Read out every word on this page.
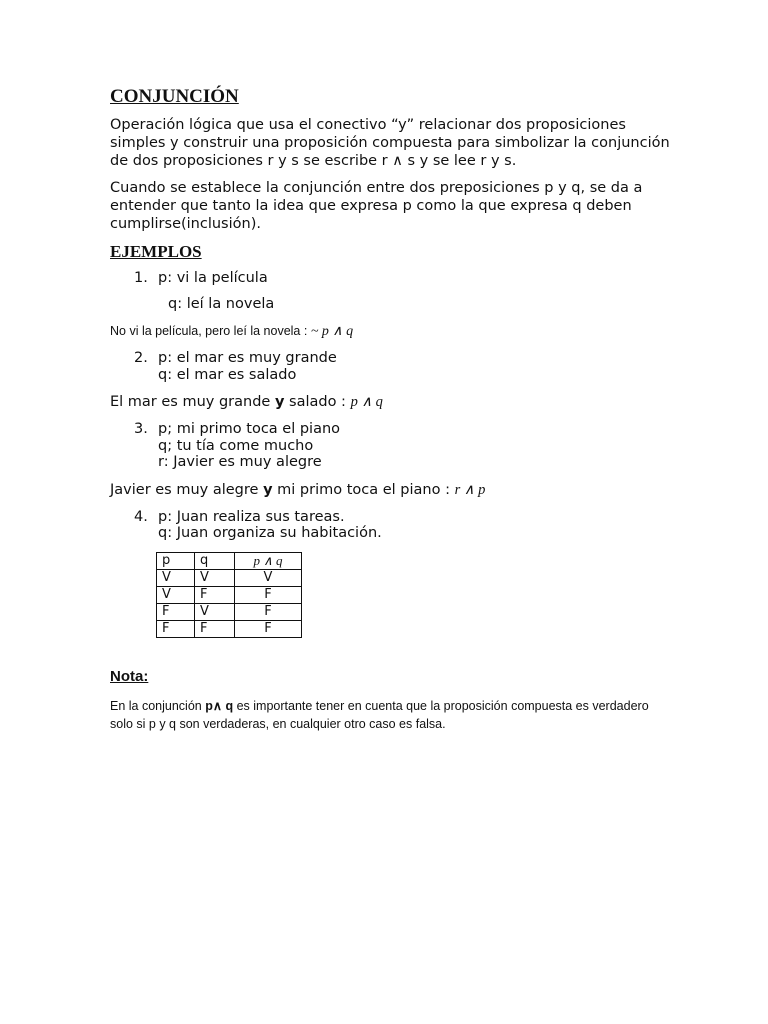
CONJUNCIÓN

Operación lógica que usa el conectivo “y” relacionar dos proposiciones simples y construir una proposición compuesta para simbolizar la conjunción de dos proposiciones r y s se escribe r ∧ s y se lee r y s.

Cuando se establece la conjunción entre dos preposiciones p y q, se da a entender que tanto la idea que expresa p como la que expresa q deben cumplirse(inclusión).

EJEMPLOS
1. p: vi la película
q: leí la novela
No vi la película, pero leí la novela : ~ p ∧ q
2. p: el mar es muy grande
q: el mar es salado
El mar es muy grande y salado : p ∧ q
3. p; mi primo toca el piano
q; tu tía come mucho
r: Javier es muy alegre
Javier es muy alegre y mi primo toca el piano : r ∧ p
4. p: Juan realiza sus tareas.
q: Juan organiza su habitación.
p	q	p ∧ q
V	V	V
V	F	F
F	V	F
F	F	F
Nota:
En la conjunción p∧ q es importante tener en cuenta que la proposición compuesta es verdadero solo si p y q son verdaderas, en cualquier otro caso es falsa.
